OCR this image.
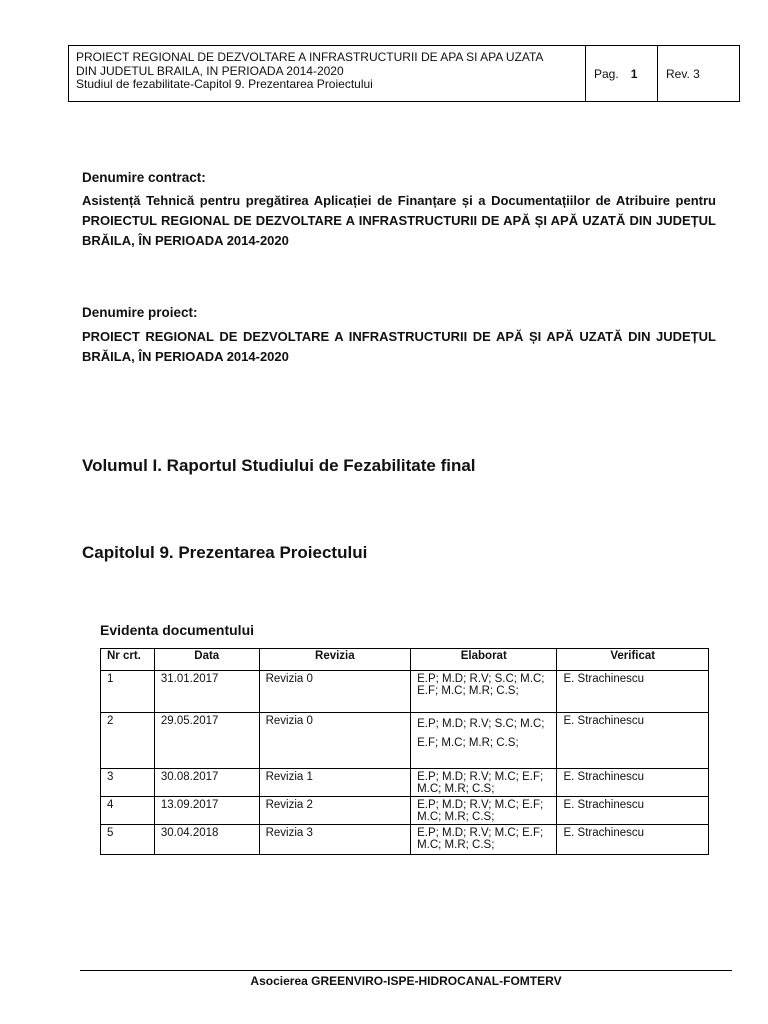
PROIECT REGIONAL DE DEZVOLTARE A INFRASTRUCTURII DE APA SI APA UZATA
DIN JUDETUL BRAILA, IN PERIOADA 2014-2020
Studiul de fezabilitate-Capitol 9. Prezentarea Proiectului
Pag. 1 Rev. 3
Denumire contract:
Asistență Tehnică pentru pregătirea Aplicației de Finanțare și a Documentațiilor de Atribuire pentru PROIECTUL REGIONAL DE DEZVOLTARE A INFRASTRUCTURII DE APĂ ȘI APĂ UZATĂ DIN JUDEȚUL BRĂILA, ÎN PERIOADA 2014-2020
Denumire proiect:
PROIECT REGIONAL DE DEZVOLTARE A INFRASTRUCTURII DE APĂ ȘI APĂ UZATĂ DIN JUDEȚUL BRĂILA, ÎN PERIOADA 2014-2020
Volumul I. Raportul Studiului de Fezabilitate final
Capitolul 9. Prezentarea Proiectului
Evidenta documentului
Nr crt.	Data	Revizia	Elaborat	Verificat
1	31.01.2017	Revizia 0	E.P; M.D; R.V; S.C; M.C; E.F; M.C; M.R; C.S;	E. Strachinescu
2	29.05.2017	Revizia 0	E.P; M.D; R.V; S.C; M.C; E.F; M.C; M.R; C.S;	E. Strachinescu
3	30.08.2017	Revizia 1	E.P; M.D; R.V; M.C; E.F; M.C; M.R; C.S;	E. Strachinescu
4	13.09.2017	Revizia 2	E.P; M.D; R.V; M.C; E.F; M.C; M.R; C.S;	E. Strachinescu
5	30.04.2018	Revizia 3	E.P; M.D; R.V; M.C; E.F; M.C; M.R; C.S;	E. Strachinescu
Asocierea GREENVIRO-ISPE-HIDROCANAL-FOMTERV
